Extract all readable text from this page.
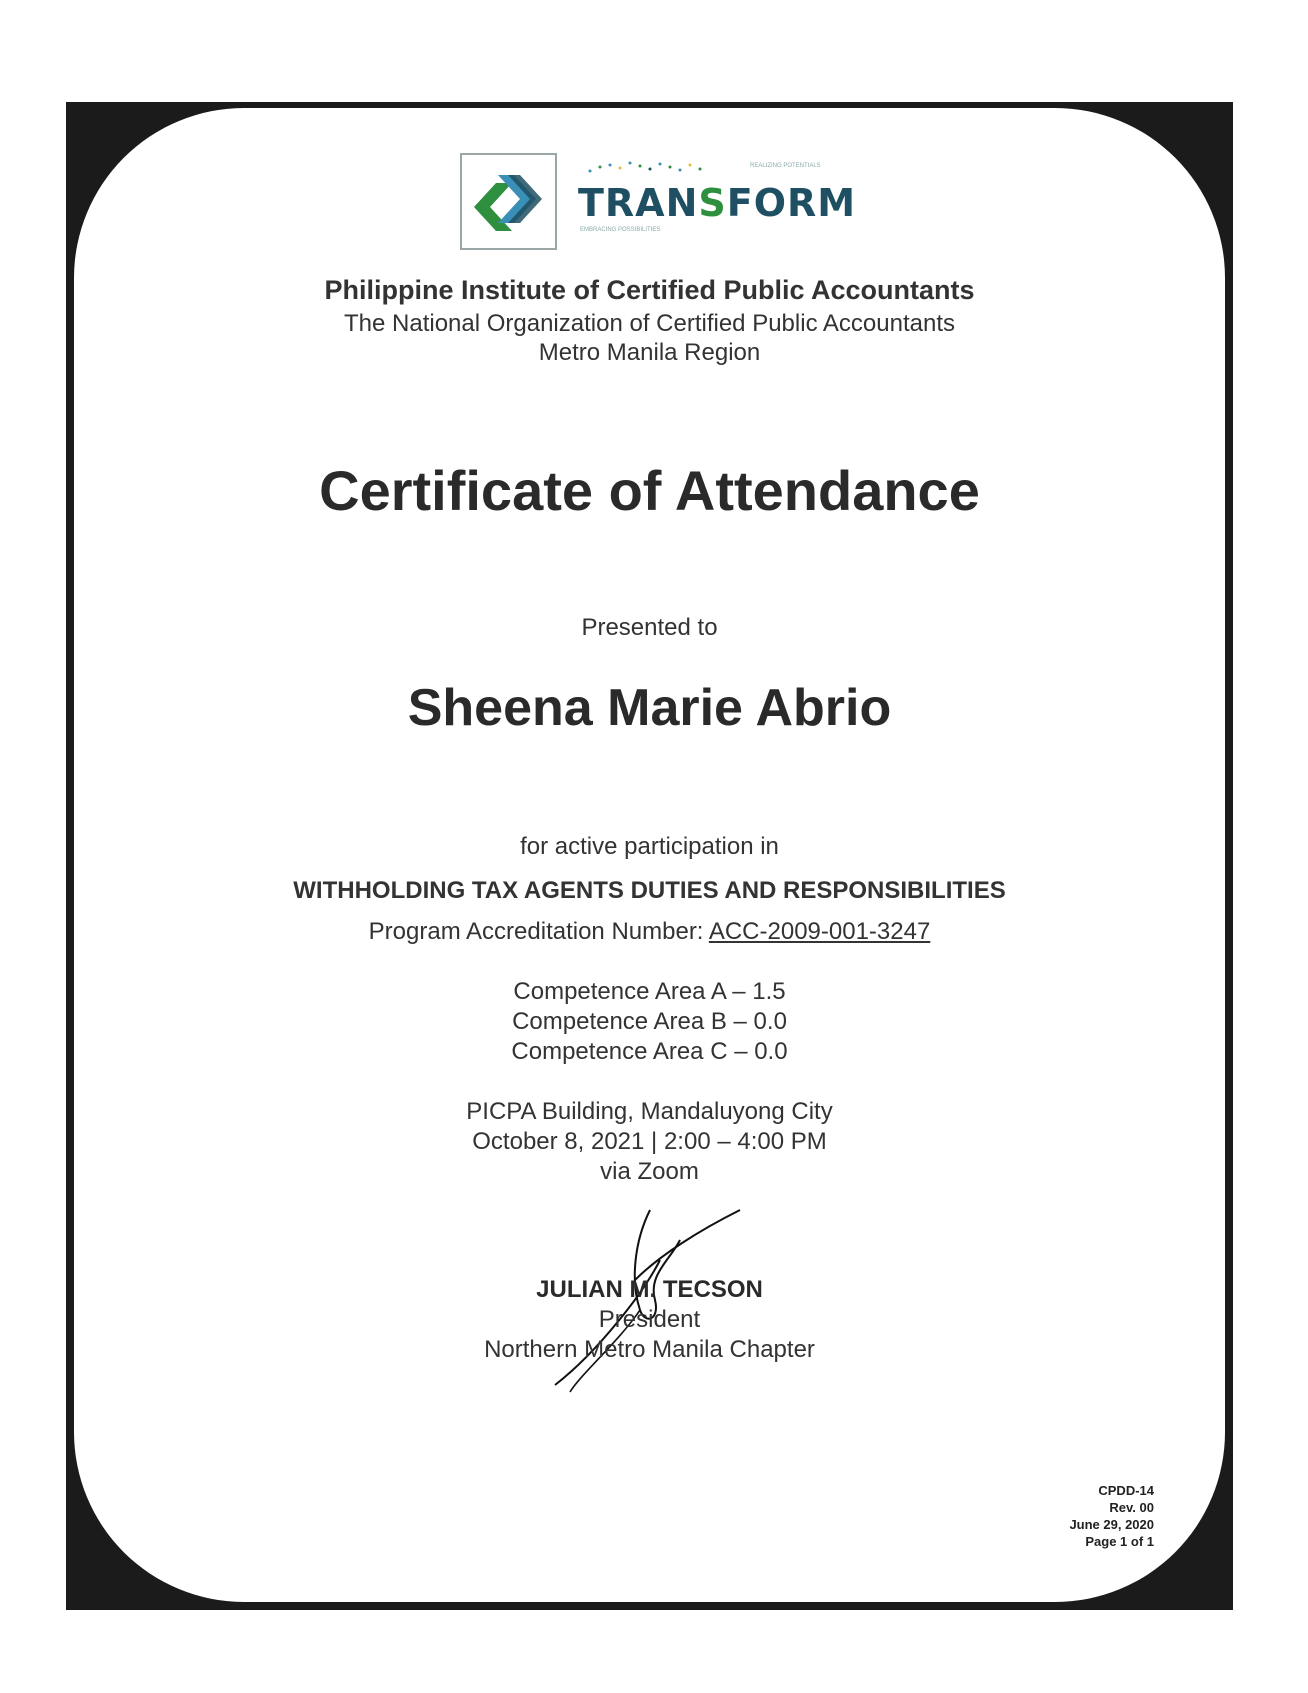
TRANSFORM
REALIZING POTENTIALS
EMBRACING POSSIBILITIES
Philippine Institute of Certified Public Accountants
The National Organization of Certified Public Accountants
Metro Manila Region
Certificate of Attendance
Presented to
Sheena Marie Abrio
for active participation in
WITHHOLDING TAX AGENTS DUTIES AND RESPONSIBILITIES
Program Accreditation Number: ACC-2009-001-3247
Competence Area A – 1.5
Competence Area B – 0.0
Competence Area C – 0.0
PICPA Building, Mandaluyong City
October 8, 2021 | 2:00 – 4:00 PM
via Zoom
JULIAN M. TECSON
President
Northern Metro Manila Chapter
CPDD-14
Rev. 00
June 29, 2020
Page 1 of 1
